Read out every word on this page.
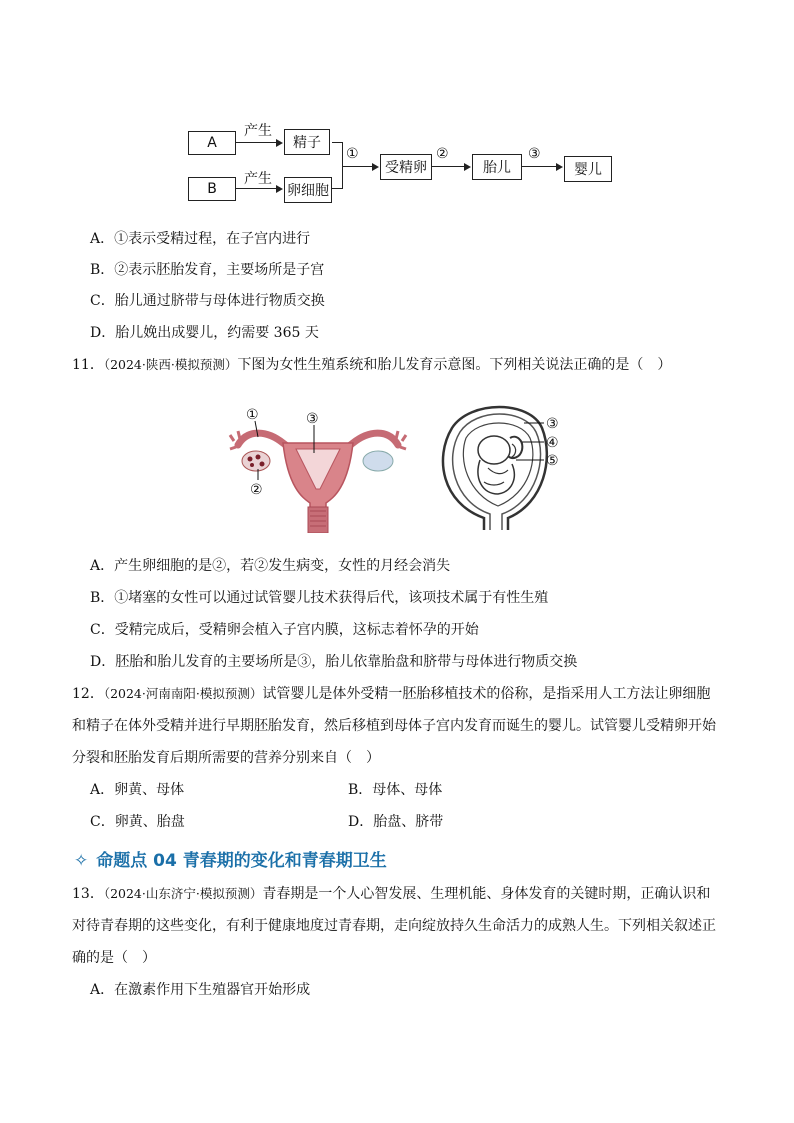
A
B
产生
产生
精子
卵细胞
①
受精卵
②
胎儿
③
婴儿
A．①表示受精过程，在子宫内进行
B．②表示胚胎发育，主要场所是子宫
C．胎儿通过脐带与母体进行物质交换
D．胎儿娩出成婴儿，约需要 365 天
11．（2024·陕西·模拟预测）下图为女性生殖系统和胎儿发育示意图。下列相关说法正确的是（　）
①	③
②
③
④
⑤
A．产生卵细胞的是②，若②发生病变，女性的月经会消失
B．①堵塞的女性可以通过试管婴儿技术获得后代，该项技术属于有性生殖
C．受精完成后，受精卵会植入子宫内膜，这标志着怀孕的开始
D．胚胎和胎儿发育的主要场所是③，胎儿依靠胎盘和脐带与母体进行物质交换
12．（2024·河南南阳·模拟预测）试管婴儿是体外受精一胚胎移植技术的俗称，是指采用人工方法让卵细胞
和精子在体外受精并进行早期胚胎发育，然后移植到母体子宫内发育而诞生的婴儿。试管婴儿受精卵开始
分裂和胚胎发育后期所需要的营养分别来自（　）
A．卵黄、母体	B．母体、母体
C．卵黄、胎盘	D．胎盘、脐带
✧ 命题点 04 青春期的变化和青春期卫生
13．（2024·山东济宁·模拟预测）青春期是一个人心智发展、生理机能、身体发育的关键时期，正确认识和
对待青春期的这些变化，有利于健康地度过青春期，走向绽放持久生命活力的成熟人生。下列相关叙述正
确的是（　）
A．在激素作用下生殖器官开始形成
